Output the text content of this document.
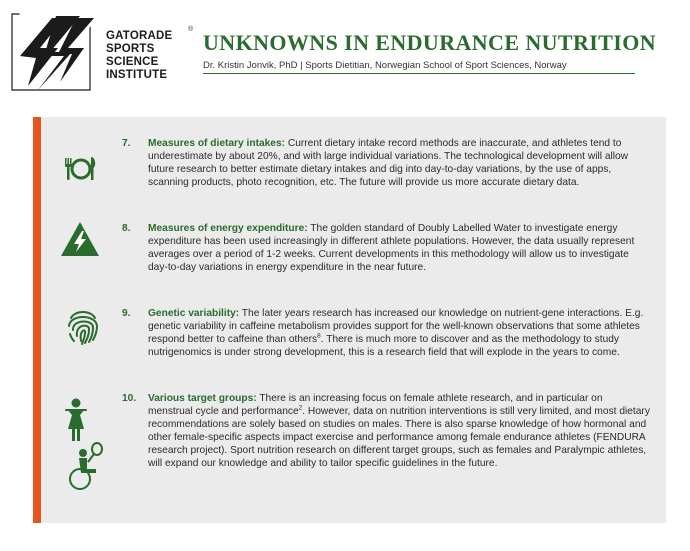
GATORADE
SPORTS
SCIENCE
INSTITUTE
®
UNKNOWNS IN ENDURANCE NUTRITION
Dr. Kristin Jonvik, PhD | Sports Dietitian, Norwegian School of Sport Sciences, Norway
7. Measures of dietary intakes: Current dietary intake record methods are inaccurate, and athletes tend to underestimate by about 20%, and with large individual variations. The technological development will allow future research to better estimate dietary intakes and dig into day-to-day variations, by the use of apps, scanning products, photo recognition, etc. The future will provide us more accurate dietary data.
8. Measures of energy expenditure: The golden standard of Doubly Labelled Water to investigate energy expenditure has been used increasingly in different athlete populations. However, the data usually represent averages over a period of 1-2 weeks. Current developments in this methodology will allow us to investigate day-to-day variations in energy expenditure in the near future.
9. Genetic variability: The later years research has increased our knowledge on nutrient-gene interactions. E.g. genetic variability in caffeine metabolism provides support for the well-known observations that some athletes respond better to caffeine than others$^8$. There is much more to discover and as the methodology to study nutrigenomics is under strong development, this is a research field that will explode in the years to come.
10. Various target groups: There is an increasing focus on female athlete research, and in particular on menstrual cycle and performance$^2$. However, data on nutrition interventions is still very limited, and most dietary recommendations are solely based on studies on males. There is also sparse knowledge of how hormonal and other female-specific aspects impact exercise and performance among female endurance athletes (FENDURA research project). Sport nutrition research on different target groups, such as females and Paralympic athletes, will expand our knowledge and ability to tailor specific guidelines in the future.
